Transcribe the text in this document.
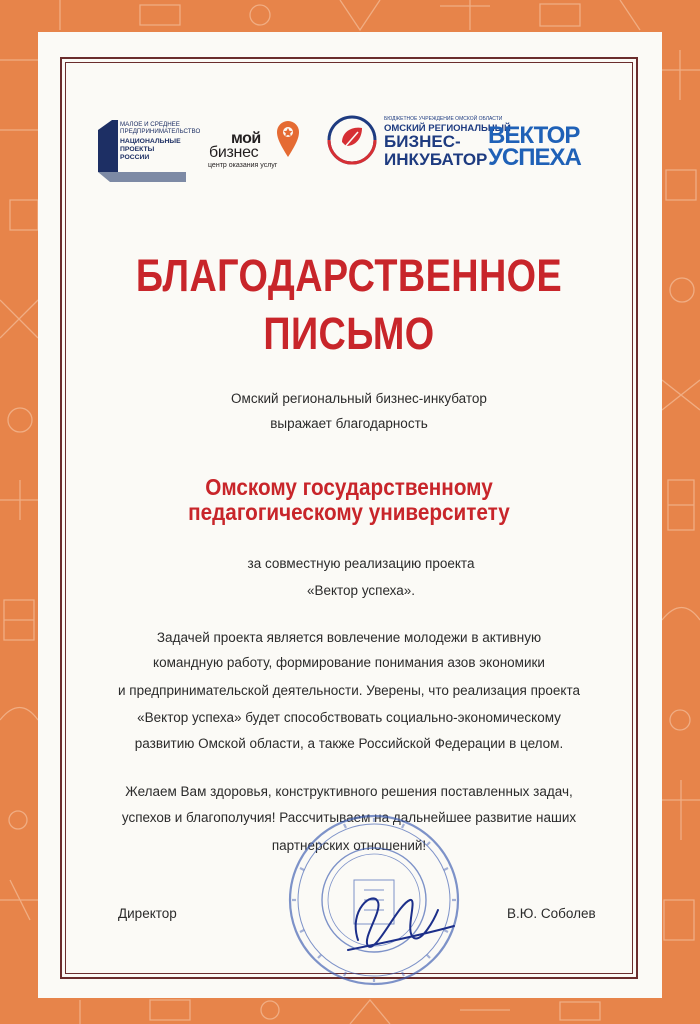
МАЛОЕ И СРЕДНЕЕ ПРЕДПРИНИМАТЕЛЬСТВО
НАЦИОНАЛЬНЫЕ ПРОЕКТЫ РОССИИ
мой
бизнес
центр оказания услуг
БЮДЖЕТНОЕ УЧРЕЖДЕНИЕ ОМСКОЙ ОБЛАСТИ
ОМСКИЙ РЕГИОНАЛЬНЫЙ
БИЗНЕС-
ИНКУБАТОР
ВЕКТОР
УСПЕХА
БЛАГОДАРСТВЕННОЕ
ПИСЬМО
Омский региональный бизнес-инкубатор
выражает благодарность
Омскому государственному
педагогическому университету
за совместную реализацию проекта
«Вектор успеха».
Задачей проекта является вовлечение молодежи в активную
командную работу, формирование понимания азов экономики
и предпринимательской деятельности. Уверены, что реализация проекта
«Вектор успеха» будет способствовать социально-экономическому
развитию Омской области, а также Российской Федерации в целом.
Желаем Вам здоровья, конструктивного решения поставленных задач,
успехов и благополучия! Рассчитываем на дальнейшее развитие наших
партнерских отношений!
Директор	В.Ю. Соболев
